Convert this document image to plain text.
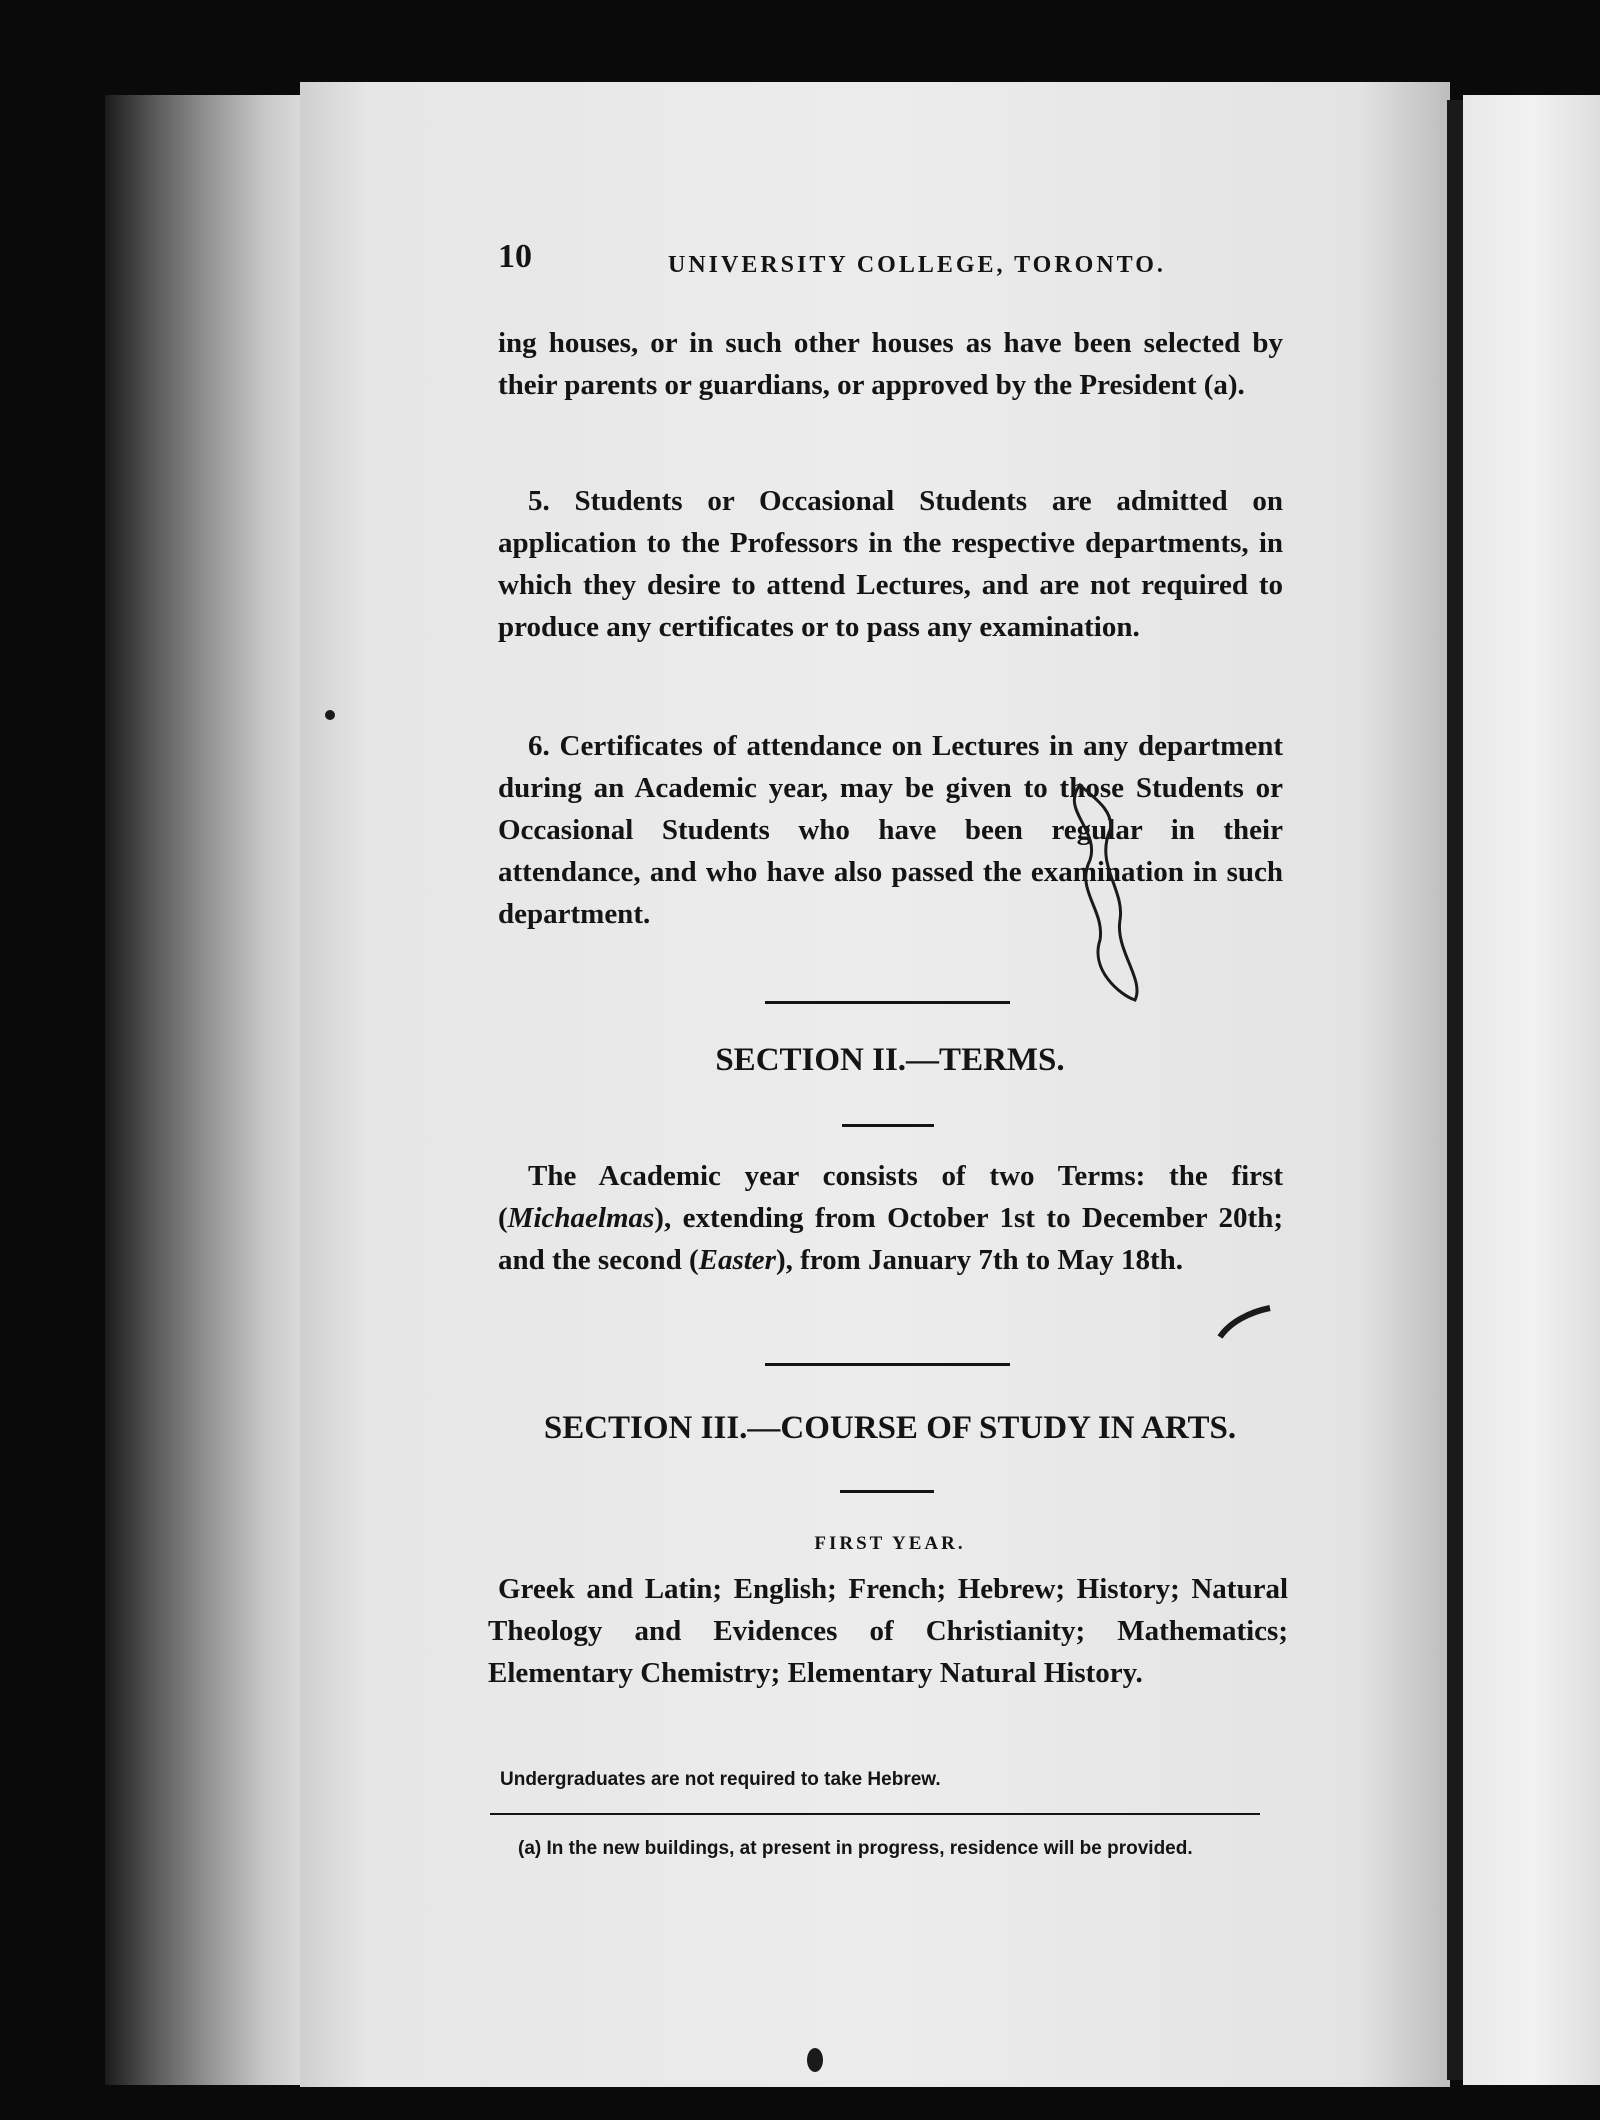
10	UNIVERSITY COLLEGE, TORONTO.

ing houses, or in such other houses as have been selected by their parents or guardians, or approved by the President (a).

5. Students or Occasional Students are admitted on application to the Professors in the respective departments, in which they desire to attend Lectures, and are not required to produce any certificates or to pass any examination.

6. Certificates of attendance on Lectures in any department during an Academic year, may be given to those Students or Occasional Students who have been regular in their attendance, and who have also passed the examination in such department.

SECTION II.—TERMS.

The Academic year consists of two Terms: the first (Michaelmas), extending from October 1st to December 20th; and the second (Easter), from January 7th to May 18th.

SECTION III.—COURSE OF STUDY IN ARTS.
FIRST YEAR.

Greek and Latin; English; French; Hebrew; History; Natural Theology and Evidences of Christianity; Mathematics; Elementary Chemistry; Elementary Natural History.

Undergraduates are not required to take Hebrew.
(a) In the new buildings, at present in progress, residence will be provided.
